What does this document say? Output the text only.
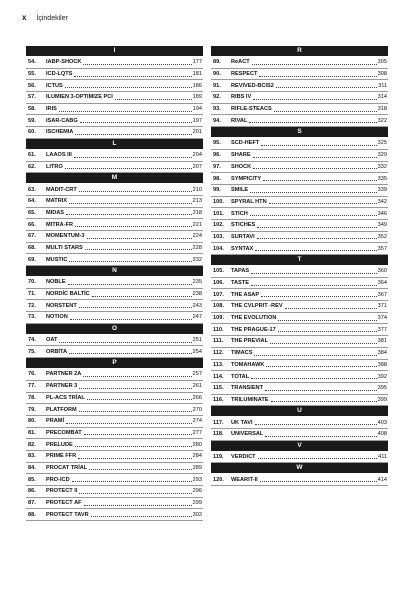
x İçindekiler
I
54.	IABP-SHOCK	177
55.	ICD-LQTS	181
56.	ICTUS	186
57.	ILUMIEN 3-OPTIMIZE PCI	189
58.	IRIS	194
59.	ISAR-CABG	197
60.	ISCHEMIA	201
L
61.	LAAOS III	204
62.	LITRO	207
M
63.	MADIT-CRT	210
64.	MATRIX	213
65.	MIDAS	218
66.	MITRA-FR	221
67.	MOMENTUM-3	224
68.	MULTI STARS	228
69.	MUSTIC	232
N
70.	NOBLE	235
71.	NORDİC BALTİC	238
72.	NORSTENT	243
73.	NOTION	247
O
74.	OAT	251
75.	ORBİTA	254
P
76.	PARTNER 2A	257
77.	PARTNER 3	261
78.	PL-ACS TRİAL	266
79.	PLATFORM	270
80.	PRAMİ	274
81.	PRECOMBAT	277
82.	PRELUDE	280
83.	PRIME FFR	284
84.	PROCAT TRİAL	289
85.	PRO-ICD	293
86.	PROTECT II	296
87.	PROTECT AF	299
88.	PROTECT TAVR	302
R
89.	ReACT	305
90.	RESPECT	308
91.	REVIVED-BCIS2	311
92.	RIBS IV	314
93.	RIFLE-STEACS	318
94.	RIVAL	322
S
95.	SCD-HEFT	325
96.	SHARE	329
97.	SHOCK	332
98.	SYMPICITY	335
99.	SMILE	339
100.	SPYRAL HTN	342
101.	STICH	346
102.	STICHES	349
103.	SURTAVI	352
104.	SYNTAX	357
T
105.	TAPAS	360
106.	TASTE	364
107.	THE ASAP	367
108.	THE CVLPRIT -REV	371
109.	THE EVOLUTION	374
110.	THE PRAGUE-17	377
111.	THE PREVIAL	381
112.	TIMACS	384
113.	TOMAHAWK	388
114.	TOTAL	392
115.	TRANSIENT	395
116.	TRILUMINATE	399
U
117.	UK TAVI	403
118.	UNIVERSAL	408
V
119.	VERDICT	411
W
120.	WEARIT-II	414
